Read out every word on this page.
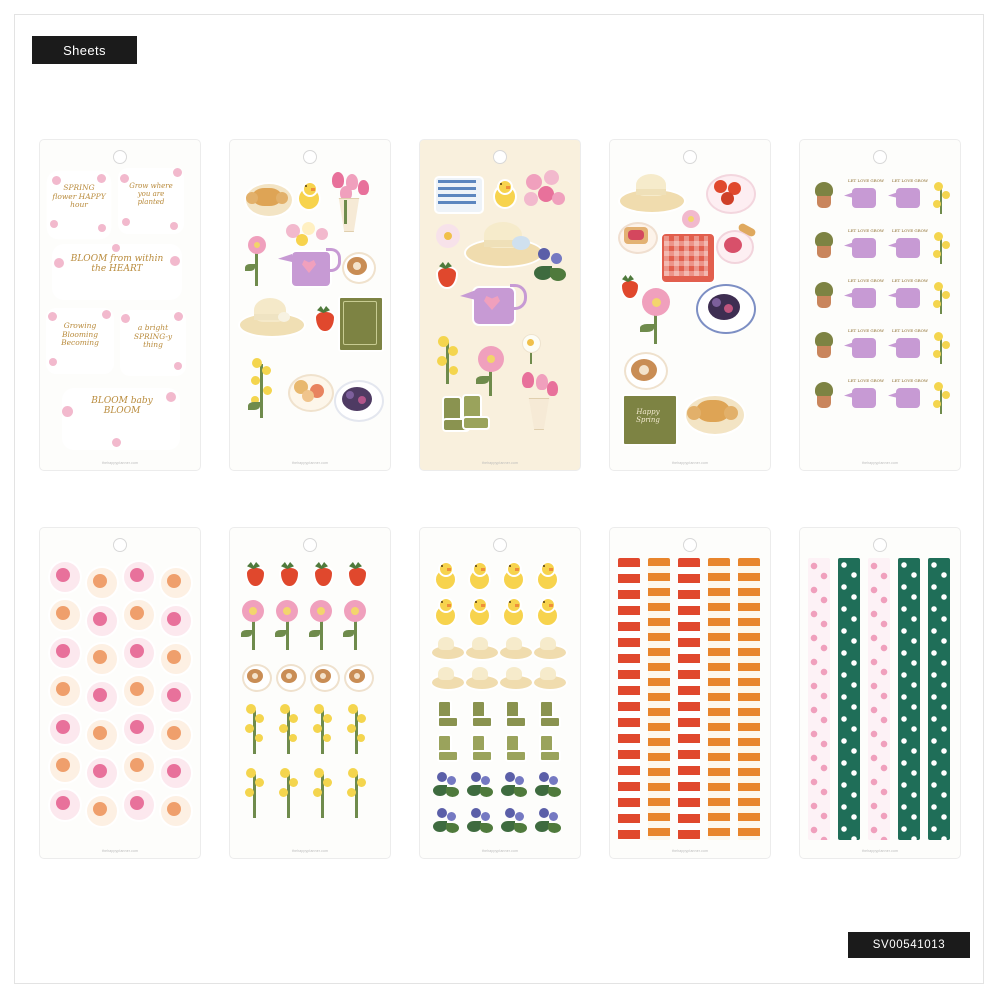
Sheets
SV00541013
SPRING flower HAPPY hour
Grow where you are planted
BLOOM from within the HEART
Growing Blooming Becoming
a bright SPRING-y thing
BLOOM baby BLOOM
thehappyplanner.com	thehappyplanner.com	thehappyplanner.com
Happy Spring
thehappyplanner.com
LET LOVE GROW	LET LOVE GROW
LET LOVE GROW	LET LOVE GROW
LET LOVE GROW	LET LOVE GROW
LET LOVE GROW	LET LOVE GROW
LET LOVE GROW	LET LOVE GROW
thehappyplanner.com
thehappyplanner.com	thehappyplanner.com	thehappyplanner.com	thehappyplanner.com	thehappyplanner.com
